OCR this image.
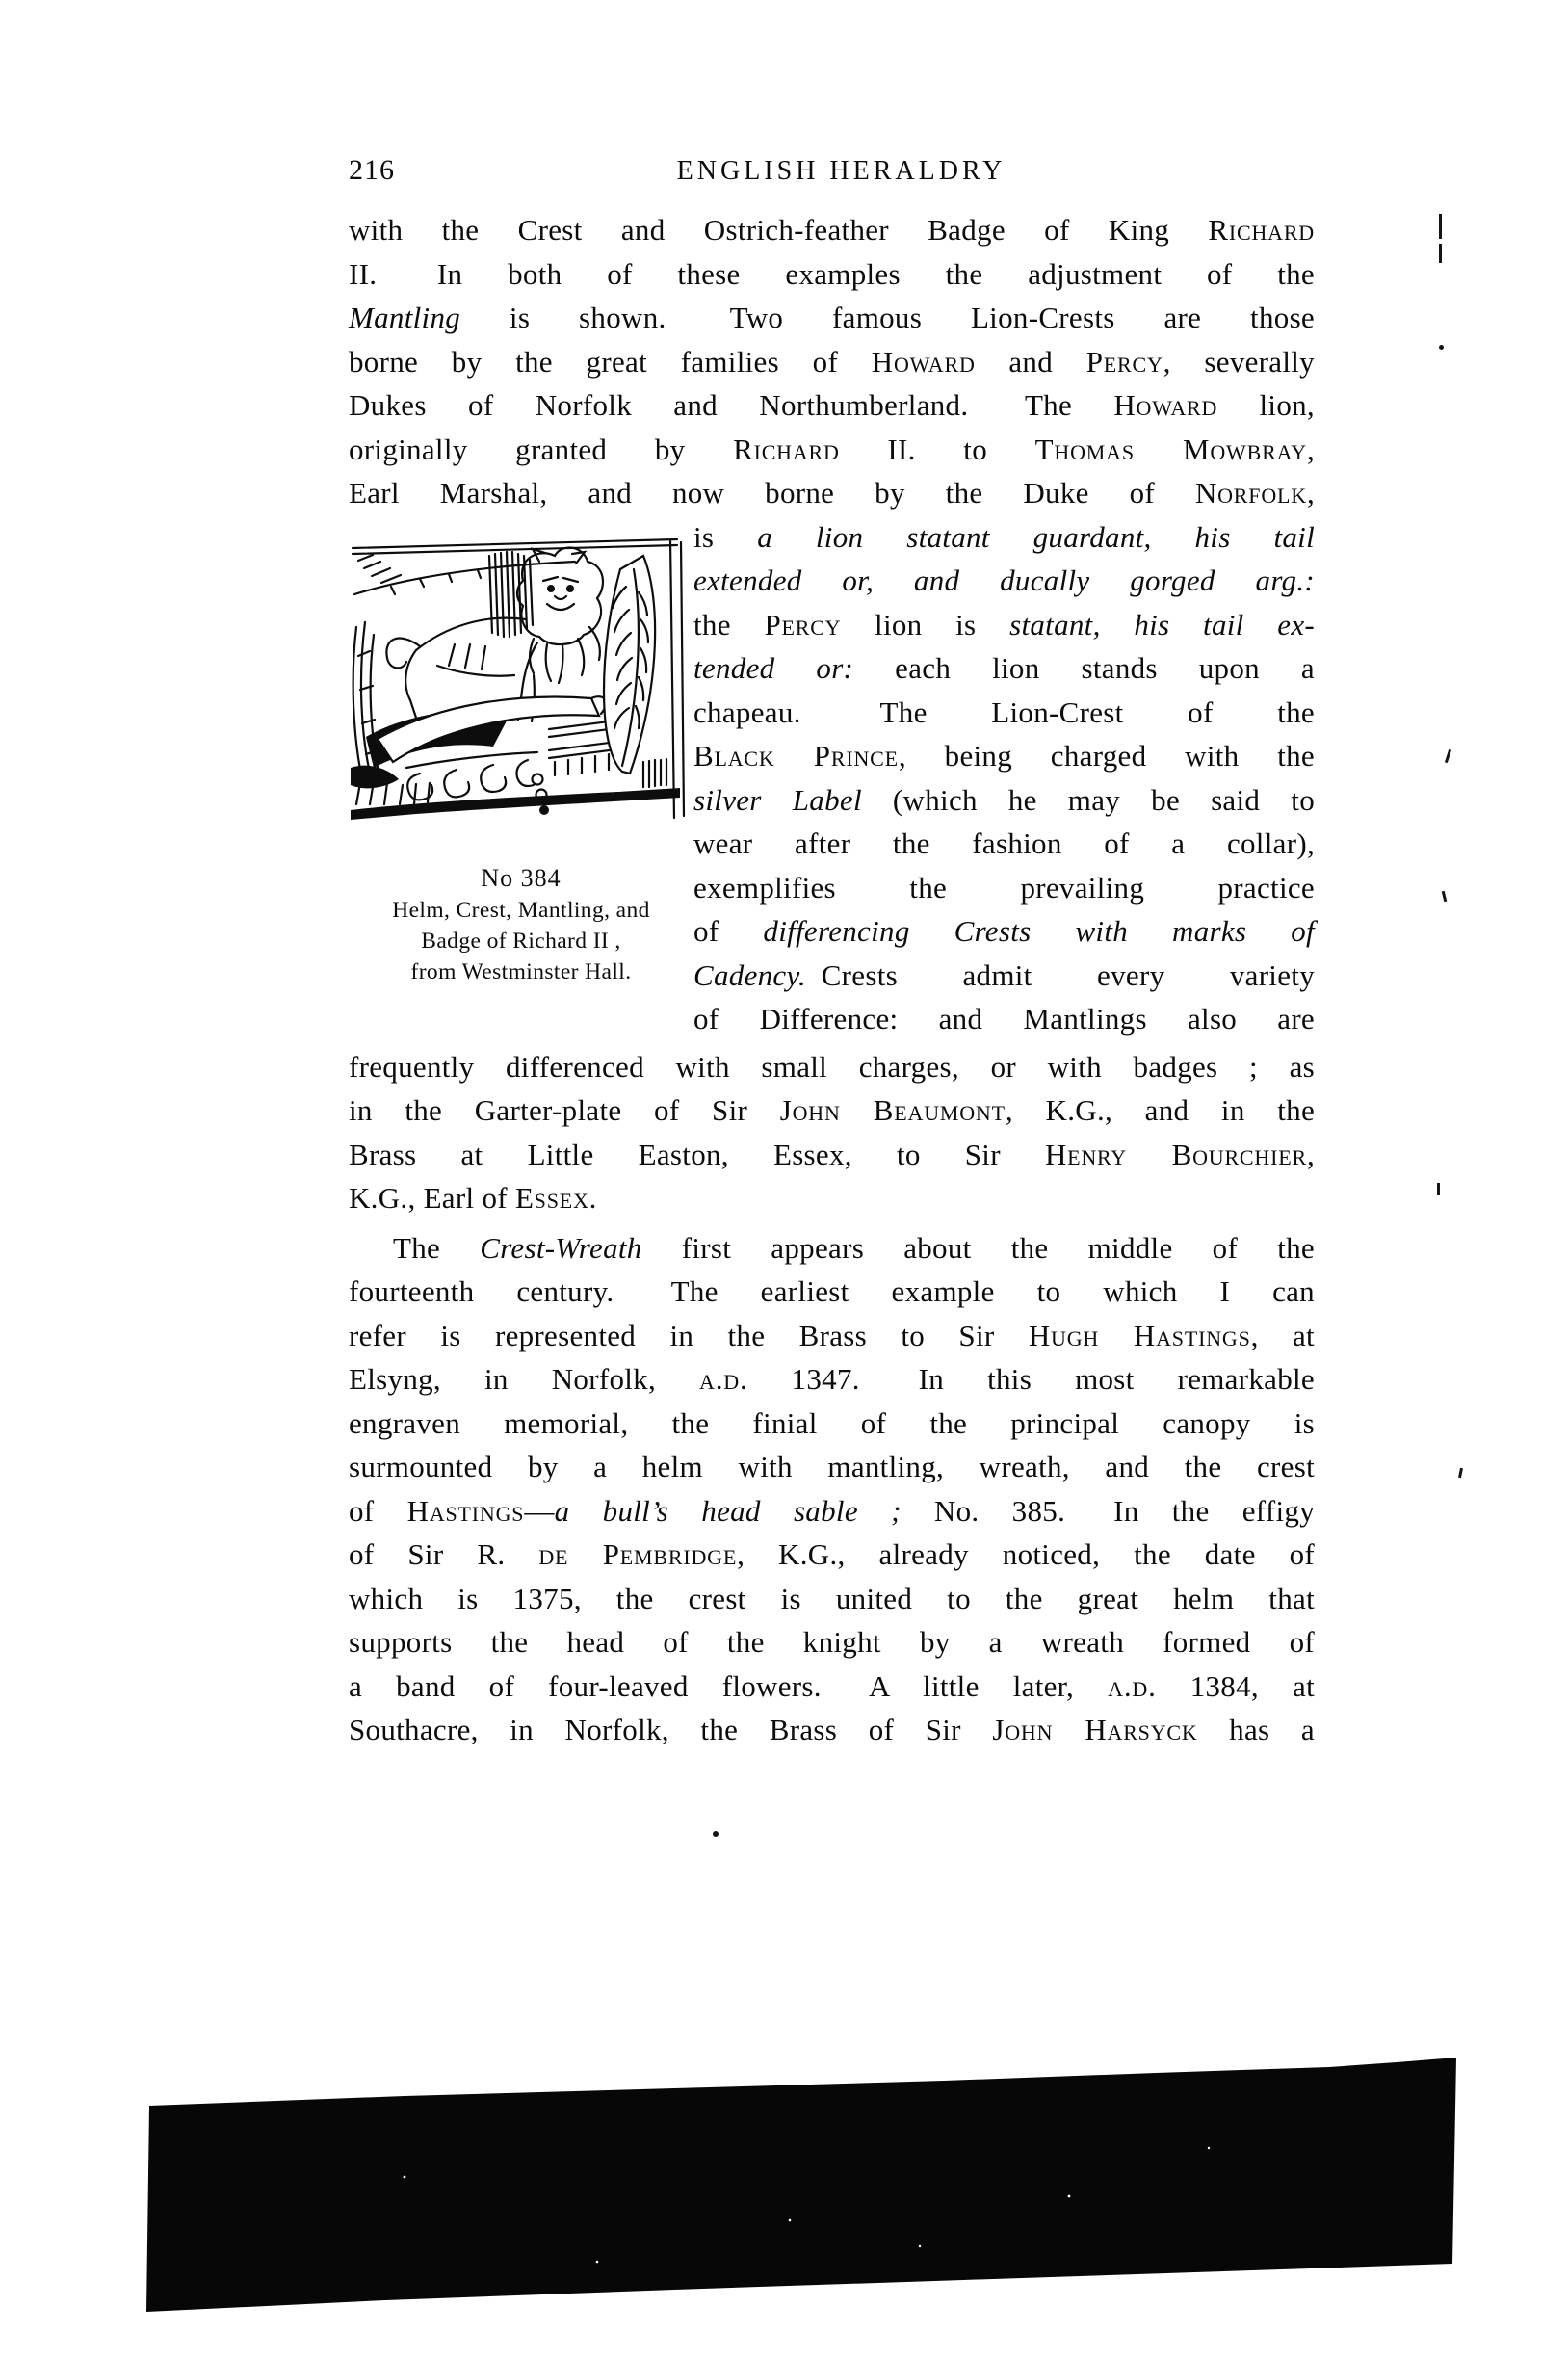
216	ENGLISH HERALDRY
with the Crest and Ostrich-feather Badge of King Richard
II.  In both of these examples the adjustment of the
Mantling is shown.  Two famous Lion-Crests are those
borne by the great families of Howard and Percy, severally
Dukes of Norfolk and Northumberland.  The Howard lion,
originally granted by Richard II. to Thomas Mowbray,
Earl Marshal, and now borne by the Duke of Norfolk,
No 384
Helm, Crest, Mantling, and
Badge of Richard II ,
from Westminster Hall.
is a lion statant guardant, his tail
extended or, and ducally gorged arg.:
the Percy lion is statant, his tail ex-
tended or: each lion stands upon a
chapeau.  The Lion-Crest of the
Black Prince, being charged with the
silver Label (which he may be said to
wear after the fashion of a collar),
exemplifies the prevailing practice
of differencing Crests with marks of
Cadency. Crests admit every variety
of Difference: and Mantlings also are
frequently differenced with small charges, or with badges ; as
in the Garter-plate of Sir John Beaumont, K.G., and in the
Brass at Little Easton, Essex, to Sir Henry Bourchier,
K.G., Earl of Essex.
The Crest-Wreath first appears about the middle of the
fourteenth century.  The earliest example to which I can
refer is represented in the Brass to Sir Hugh Hastings, at
Elsyng, in Norfolk, a.d. 1347.  In this most remarkable
engraven memorial, the finial of the principal canopy is
surmounted by a helm with mantling, wreath, and the crest
of Hastings—a bull’s head sable ; No. 385.  In the effigy
of Sir R. de Pembridge, K.G., already noticed, the date of
which is 1375, the crest is united to the great helm that
supports the head of the knight by a wreath formed of
a band of four-leaved flowers.  A little later, a.d. 1384, at
Southacre, in Norfolk, the Brass of Sir John Harsyck has a
